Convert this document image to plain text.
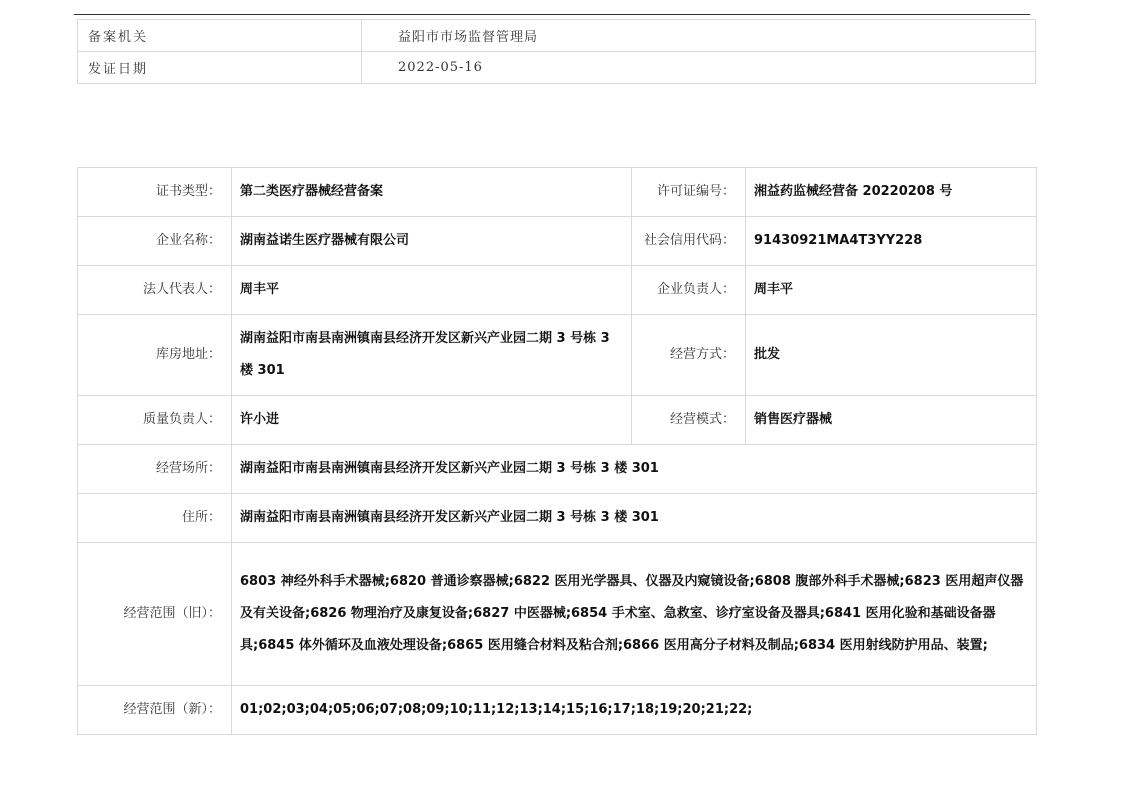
备案机关	益阳市市场监督管理局
发证日期	2022-05-16
证书类型：	第二类医疗器械经营备案	许可证编号：	湘益药监械经营备 20220208 号
企业名称：	湖南益诺生医疗器械有限公司	社会信用代码：	91430921MA4T3YY228
法人代表人：	周丰平	企业负责人：	周丰平
库房地址：	湖南益阳市南县南洲镇南县经济开发区新兴产业园二期 3 号栋 3 楼 301	经营方式：	批发
质量负责人：	许小进	经营模式：	销售医疗器械
经营场所：	湖南益阳市南县南洲镇南县经济开发区新兴产业园二期 3 号栋 3 楼 301		
住所：	湖南益阳市南县南洲镇南县经济开发区新兴产业园二期 3 号栋 3 楼 301		
经营范围（旧）：	6803 神经外科手术器械;6820 普通诊察器械;6822 医用光学器具、仪器及内窥镜设备;6808 腹部外科手术器械;6823 医用超声仪器及有关设备;6826 物理治疗及康复设备;6827 中医器械;6854 手术室、急救室、诊疗室设备及器具;6841 医用化验和基础设备器具;6845 体外循环及血液处理设备;6865 医用缝合材料及粘合剂;6866 医用高分子材料及制品;6834 医用射线防护用品、装置;		
经营范围（新）：	01;02;03;04;05;06;07;08;09;10;11;12;13;14;15;16;17;18;19;20;21;22;		
